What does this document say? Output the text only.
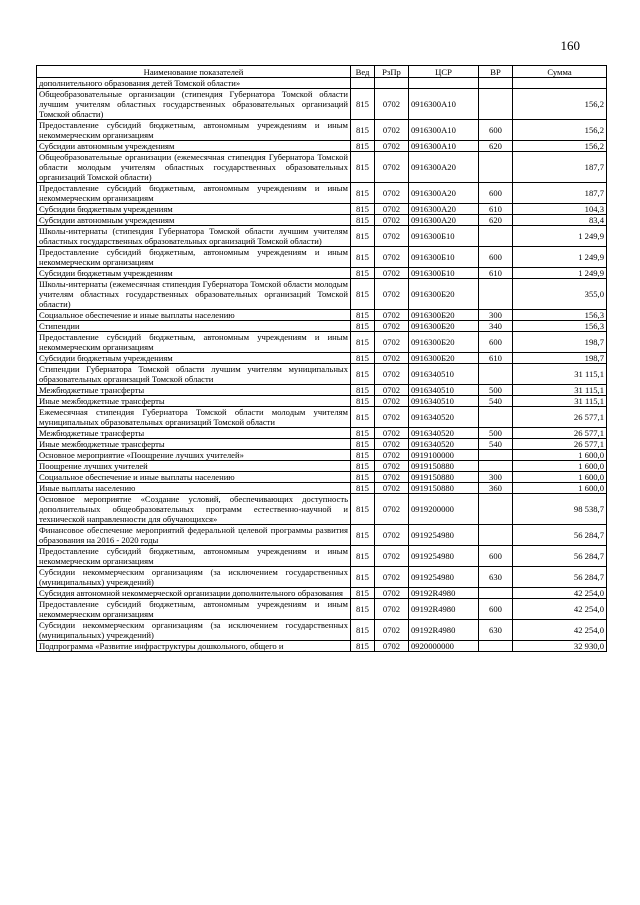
160
Наименование показателей	Вед	РзПр	ЦСР	ВР	Сумма
дополнительного образования детей Томской области»					
Общеобразовательные организации (стипендия Губернатора Томской области лучшим учителям областных государственных образовательных организаций Томской области)	815	0702	0916300А10		156,2
Предоставление субсидий бюджетным, автономным учреждениям и иным некоммерческим организациям	815	0702	0916300А10	600	156,2
Субсидии автономным учреждениям	815	0702	0916300А10	620	156,2
Общеобразовательные организации (ежемесячная стипендия Губернатора Томской области молодым учителям областных государственных образовательных организаций Томской области)	815	0702	0916300А20		187,7
Предоставление субсидий бюджетным, автономным учреждениям и иным некоммерческим организациям	815	0702	0916300А20	600	187,7
Субсидии бюджетным учреждениям	815	0702	0916300А20	610	104,3
Субсидии автономным учреждениям	815	0702	0916300А20	620	83,4
Школы-интернаты (стипендия Губернатора Томской области лучшим учителям областных государственных образовательных организаций Томской области)	815	0702	0916300Б10		1 249,9
Предоставление субсидий бюджетным, автономным учреждениям и иным некоммерческим организациям	815	0702	0916300Б10	600	1 249,9
Субсидии бюджетным учреждениям	815	0702	0916300Б10	610	1 249,9
Школы-интернаты (ежемесячная стипендия Губернатора Томской области молодым учителям областных государственных образовательных организаций Томской области)	815	0702	0916300Б20		355,0
Социальное обеспечение и иные выплаты населению	815	0702	0916300Б20	300	156,3
Стипендии	815	0702	0916300Б20	340	156,3
Предоставление субсидий бюджетным, автономным учреждениям и иным некоммерческим организациям	815	0702	0916300Б20	600	198,7
Субсидии бюджетным учреждениям	815	0702	0916300Б20	610	198,7
Стипендии Губернатора Томской области лучшим учителям муниципальных образовательных организаций Томской области	815	0702	0916340510		31 115,1
Межбюджетные трансферты	815	0702	0916340510	500	31 115,1
Иные межбюджетные трансферты	815	0702	0916340510	540	31 115,1
Ежемесячная стипендия Губернатора Томской области молодым учителям муниципальных образовательных организаций Томской области	815	0702	0916340520		26 577,1
Межбюджетные трансферты	815	0702	0916340520	500	26 577,1
Иные межбюджетные трансферты	815	0702	0916340520	540	26 577,1
Основное мероприятие «Поощрение лучших учителей»	815	0702	0919100000		1 600,0
Поощрение лучших учителей	815	0702	0919150880		1 600,0
Социальное обеспечение и иные выплаты населению	815	0702	0919150880	300	1 600,0
Иные выплаты населению	815	0702	0919150880	360	1 600,0
Основное мероприятие «Создание условий, обеспечивающих доступность дополнительных общеобразовательных программ естественно-научной и технической направленности для обучающихся»	815	0702	0919200000		98 538,7
Финансовое обеспечение мероприятий федеральной целевой программы развития образования на 2016 - 2020 годы	815	0702	0919254980		56 284,7
Предоставление субсидий бюджетным, автономным учреждениям и иным некоммерческим организациям	815	0702	0919254980	600	56 284,7
Субсидии некоммерческим организациям (за исключением государственных (муниципальных) учреждений)	815	0702	0919254980	630	56 284,7
Субсидия автономной некоммерческой организации дополнительного образования	815	0702	09192R4980		42 254,0
Предоставление субсидий бюджетным, автономным учреждениям и иным некоммерческим организациям	815	0702	09192R4980	600	42 254,0
Субсидии некоммерческим организациям (за исключением государственных (муниципальных) учреждений)	815	0702	09192R4980	630	42 254,0
Подпрограмма «Развитие инфраструктуры дошкольного, общего и	815	0702	0920000000		32 930,0
